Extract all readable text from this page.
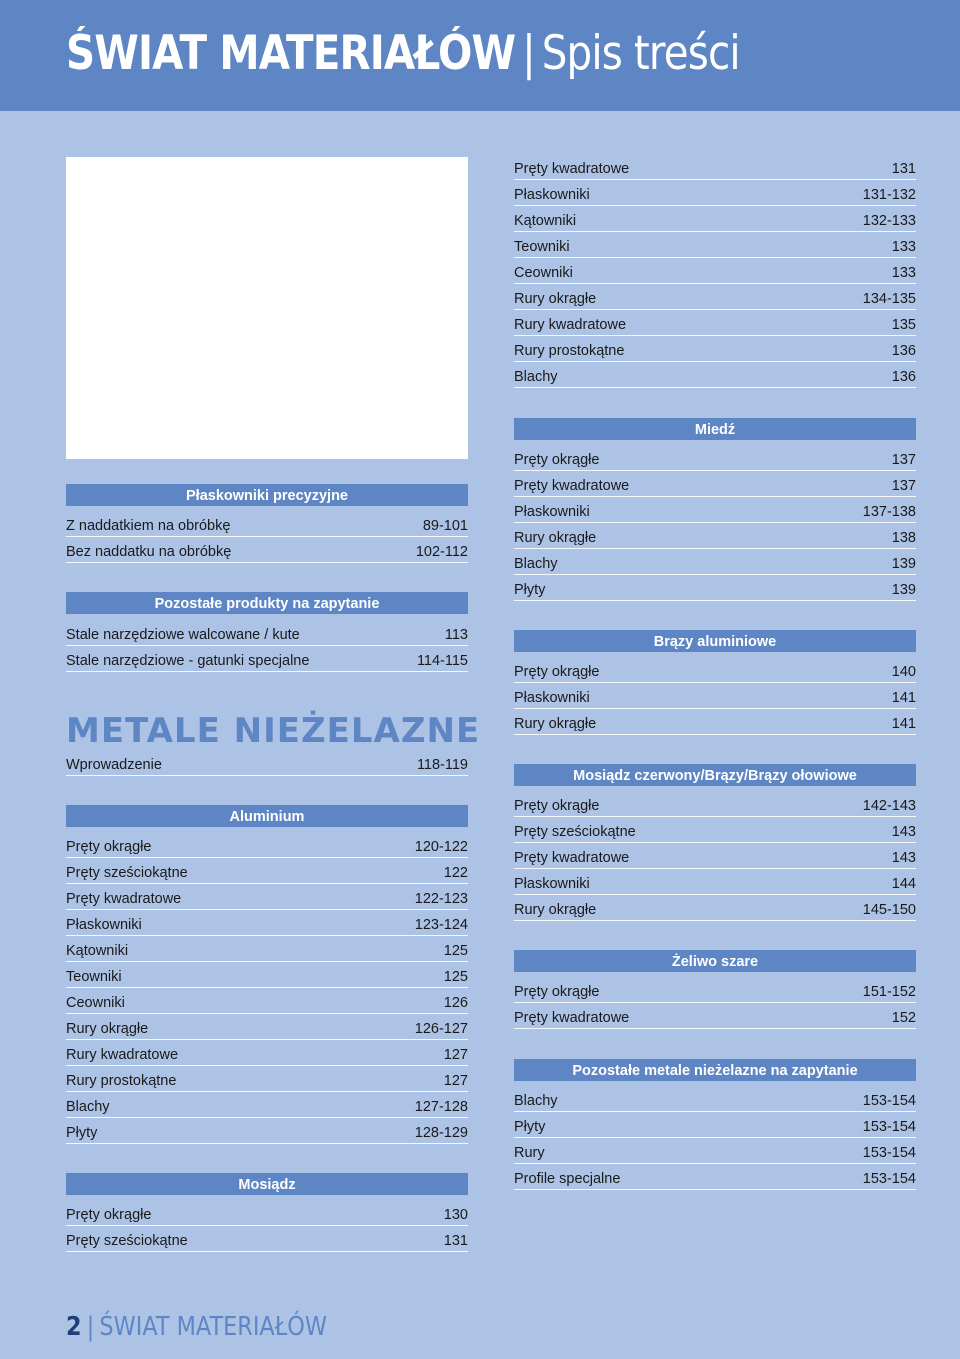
ŚWIAT MATERIAŁÓW | Spis treści
Płaskowniki precyzyjne
Z naddatkiem na obróbkę	89-101
Bez naddatku na obróbkę	102-112
Pozostałe produkty na zapytanie
Stale narzędziowe walcowane / kute	113
Stale narzędziowe - gatunki specjalne	114-115
METALE NIEŻELAZNE
Wprowadzenie	118-119
Aluminium
Pręty okrągłe	120-122
Pręty sześciokątne	122
Pręty kwadratowe	122-123
Płaskowniki	123-124
Kątowniki	125
Teowniki	125
Ceowniki	126
Rury okrągłe	126-127
Rury kwadratowe	127
Rury prostokątne	127
Blachy	127-128
Płyty	128-129
Mosiądz
Pręty okrągłe	130
Pręty sześciokątne	131
Pręty kwadratowe	131
Płaskowniki	131-132
Kątowniki	132-133
Teowniki	133
Ceowniki	133
Rury okrągłe	134-135
Rury kwadratowe	135
Rury prostokątne	136
Blachy	136
Miedź
Pręty okrągłe	137
Pręty kwadratowe	137
Płaskowniki	137-138
Rury okrągłe	138
Blachy	139
Płyty	139
Brązy aluminiowe
Pręty okrągłe	140
Płaskowniki	141
Rury okrągłe	141
Mosiądz czerwony/Brązy/Brązy ołowiowe
Pręty okrągłe	142-143
Pręty sześciokątne	143
Pręty kwadratowe	143
Płaskowniki	144
Rury okrągłe	145-150
Żeliwo szare
Pręty okrągłe	151-152
Pręty kwadratowe	152
Pozostałe metale nieżelazne na zapytanie
Blachy	153-154
Płyty	153-154
Rury	153-154
Profile specjalne	153-154
2 | ŚWIAT MATERIAŁÓW
